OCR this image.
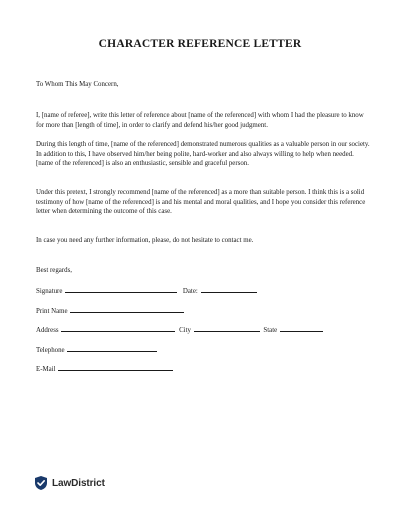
CHARACTER REFERENCE LETTER

To Whom This May Concern,

I, [name of referee], write this letter of reference about [name of the referenced] with whom I had the pleasure to know for more than [length of time], in order to clarify and defend his/her good judgment.

During this length of time, [name of the referenced] demonstrated numerous qualities as a valuable person in our society. In addition to this, I have observed him/her being polite, hard-worker and also always willing to help when needed. [name of the referenced] is also an enthusiastic, sensible and graceful person.

Under this pretext, I strongly recommend [name of the referenced] as a more than suitable person. I think this is a solid testimony of how [name of the referenced] is and his mental and moral qualities, and I hope you consider this reference letter when determining the outcome of this case.

In case you need any further information, please, do not hesitate to contact me.

Best regards,

Signature	Date:
Print Name
Address	City	State
Telephone
E-Mail
LawDistrict
